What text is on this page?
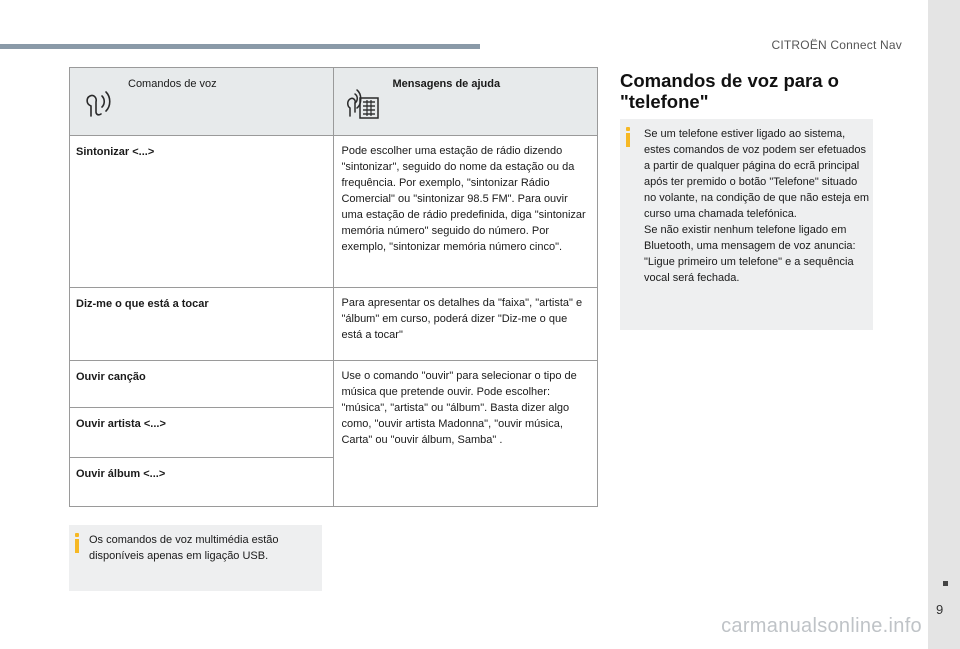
CITROËN Connect Nav
Comandos de voz	Mensagens de ajuda

Sintonizar <...>	Pode escolher uma estação de rádio dizendo "sintonizar", seguido do nome da estação ou da frequência. Por exemplo, "sintonizar Rádio Comercial" ou "sintonizar 98.5 FM". Para ouvir uma estação de rádio predefinida, diga "sintonizar memória número" seguido do número. Por exemplo, "sintonizar memória número cinco".
Diz-me o que está a tocar	Para apresentar os detalhes da "faixa", "artista" e "álbum" em curso, poderá dizer "Diz-me o que está a tocar"
Ouvir canção	Use o comando "ouvir" para selecionar o tipo de música que pretende ouvir. Pode escolher: "música", "artista" ou "álbum". Basta dizer algo como, "ouvir artista Madonna", "ouvir música, Carta" ou "ouvir álbum, Samba" .
Ouvir artista <...>	
Ouvir álbum <...>	
Os comandos de voz multimédia estão disponíveis apenas em ligação USB.
Comandos de voz para o "telefone"

Se um telefone estiver ligado ao sistema, estes comandos de voz podem ser efetuados a partir de qualquer página do ecrã principal após ter premido o botão "Telefone" situado no volante, na condição de que não esteja em curso uma chamada telefónica.

Se não existir nenhum telefone ligado em Bluetooth, uma mensagem de voz anuncia: "Ligue primeiro um telefone" e a sequência vocal será fechada.

9
carmanualsonline.info
